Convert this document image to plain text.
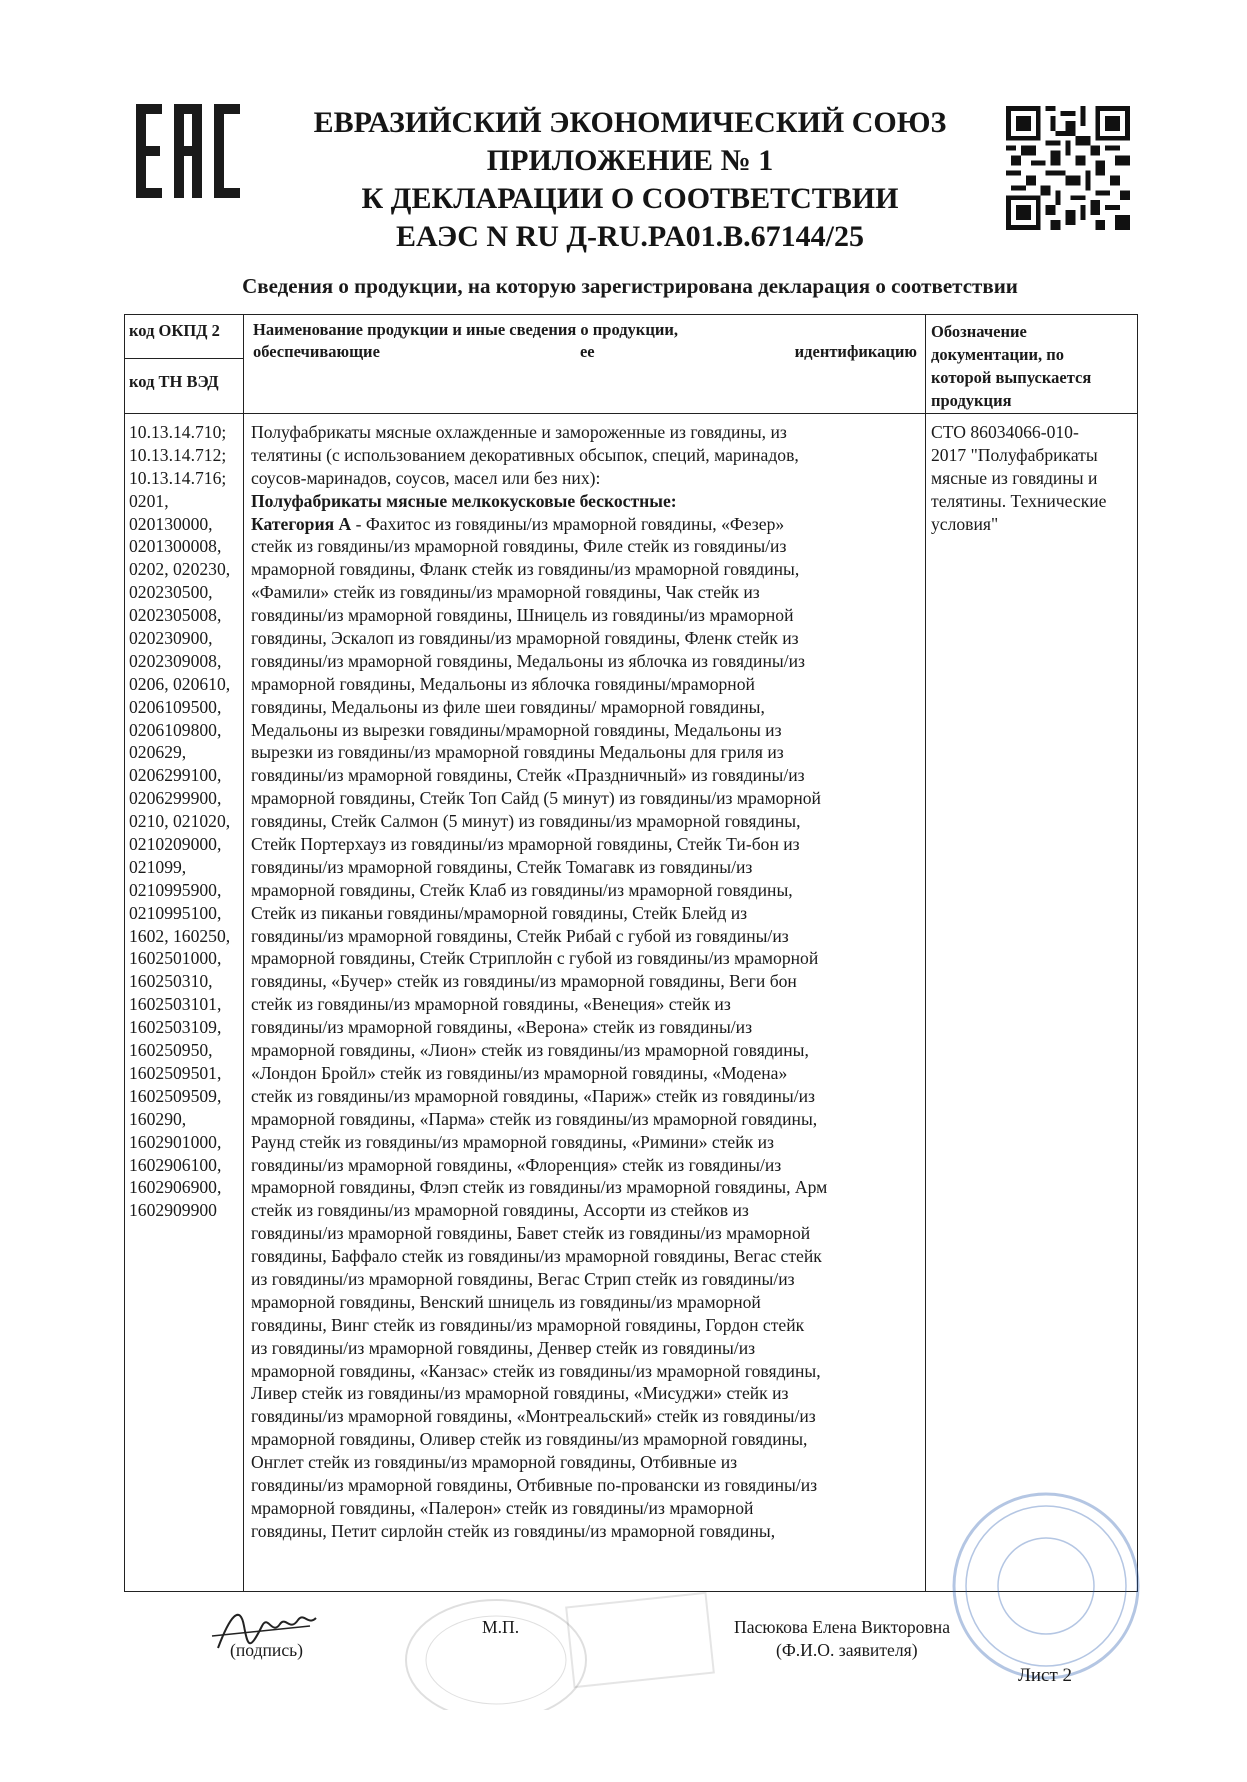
ЕВРАЗИЙСКИЙ ЭКОНОМИЧЕСКИЙ СОЮЗ
ПРИЛОЖЕНИЕ № 1
К ДЕКЛАРАЦИИ О СООТВЕТСТВИИ
ЕАЭС N RU Д-RU.PA01.B.67144/25
Сведения о продукции, на которую зарегистрирована декларация о соответствии
код ОКПД 2
код ТН ВЭД
Наименование продукции и иные сведения о продукции,
обеспечивающие ее идентификацию
Обозначение
документации, по
которой выпускается
продукция
10.13.14.710;
10.13.14.712;
10.13.14.716;
0201,
020130000,
0201300008,
0202, 020230,
020230500,
0202305008,
020230900,
0202309008,
0206, 020610,
0206109500,
0206109800,
020629,
0206299100,
0206299900,
0210, 021020,
0210209000,
021099,
0210995900,
0210995100,
1602, 160250,
1602501000,
160250310,
1602503101,
1602503109,
160250950,
1602509501,
1602509509,
160290,
1602901000,
1602906100,
1602906900,
1602909900
Полуфабрикаты мясные охлажденные и замороженные из говядины, из
телятины (с использованием декоративных обсыпок, специй, маринадов,
соусов-маринадов, соусов, масел или без них):
Полуфабрикаты мясные мелкокусковые бескостные:
Категория А - Фахитос из говядины/из мраморной говядины, «Фезер»
стейк из говядины/из мраморной говядины, Филе стейк из говядины/из
мраморной говядины, Фланк стейк из говядины/из мраморной говядины,
«Фамили» стейк из говядины/из мраморной говядины, Чак стейк из
говядины/из мраморной говядины, Шницель из говядины/из мраморной
говядины, Эскалоп из говядины/из мраморной говядины, Фленк стейк из
говядины/из мраморной говядины, Медальоны из яблочка из говядины/из
мраморной говядины, Медальоны из яблочка говядины/мраморной
говядины, Медальоны из филе шеи говядины/ мраморной говядины,
Медальоны из вырезки говядины/мраморной говядины, Медальоны из
вырезки из говядины/из мраморной говядины Медальоны для гриля из
говядины/из мраморной говядины, Стейк «Праздничный» из говядины/из
мраморной говядины, Стейк Топ Сайд (5 минут) из говядины/из мраморной
говядины, Стейк Салмон (5 минут) из говядины/из мраморной говядины,
Стейк Портерхауз из говядины/из мраморной говядины, Стейк Ти-бон из
говядины/из мраморной говядины, Стейк Томагавк из говядины/из
мраморной говядины, Стейк Клаб из говядины/из мраморной говядины,
Стейк из пиканьи говядины/мраморной говядины, Стейк Блейд из
говядины/из мраморной говядины, Стейк Рибай с губой из говядины/из
мраморной говядины, Стейк Стриплойн с губой из говядины/из мраморной
говядины, «Бучер» стейк из говядины/из мраморной говядины, Веги бон
стейк из говядины/из мраморной говядины, «Венеция» стейк из
говядины/из мраморной говядины, «Верона» стейк из говядины/из
мраморной говядины, «Лион» стейк из говядины/из мраморной говядины,
«Лондон Бройл» стейк из говядины/из мраморной говядины, «Модена»
стейк из говядины/из мраморной говядины, «Париж» стейк из говядины/из
мраморной говядины, «Парма» стейк из говядины/из мраморной говядины,
Раунд стейк из говядины/из мраморной говядины, «Римини» стейк из
говядины/из мраморной говядины, «Флоренция» стейк из говядины/из
мраморной говядины, Флэп стейк из говядины/из мраморной говядины, Арм
стейк из говядины/из мраморной говядины, Ассорти из стейков из
говядины/из мраморной говядины, Бавет стейк из говядины/из мраморной
говядины, Баффало стейк из говядины/из мраморной говядины, Вегас стейк
из говядины/из мраморной говядины, Вегас Стрип стейк из говядины/из
мраморной говядины, Венский шницель из говядины/из мраморной
говядины, Винг стейк из говядины/из мраморной говядины, Гордон стейк
из говядины/из мраморной говядины, Денвер стейк из говядины/из
мраморной говядины, «Канзас» стейк из говядины/из мраморной говядины,
Ливер стейк из говядины/из мраморной говядины, «Мисуджи» стейк из
говядины/из мраморной говядины, «Монтреальский» стейк из говядины/из
мраморной говядины, Оливер стейк из говядины/из мраморной говядины,
Онглет стейк из говядины/из мраморной говядины, Отбивные из
говядины/из мраморной говядины, Отбивные по-провански из говядины/из
мраморной говядины, «Палерон» стейк из говядины/из мраморной
говядины, Петит сирлойн стейк из говядины/из мраморной говядины,
СТО 86034066-010-
2017 "Полуфабрикаты
мясные из говядины и
телятины. Технические
условия"
(подпись)
М.П.	Пасюкова Елена Викторовна
(Ф.И.О. заявителя)
Лист 2
